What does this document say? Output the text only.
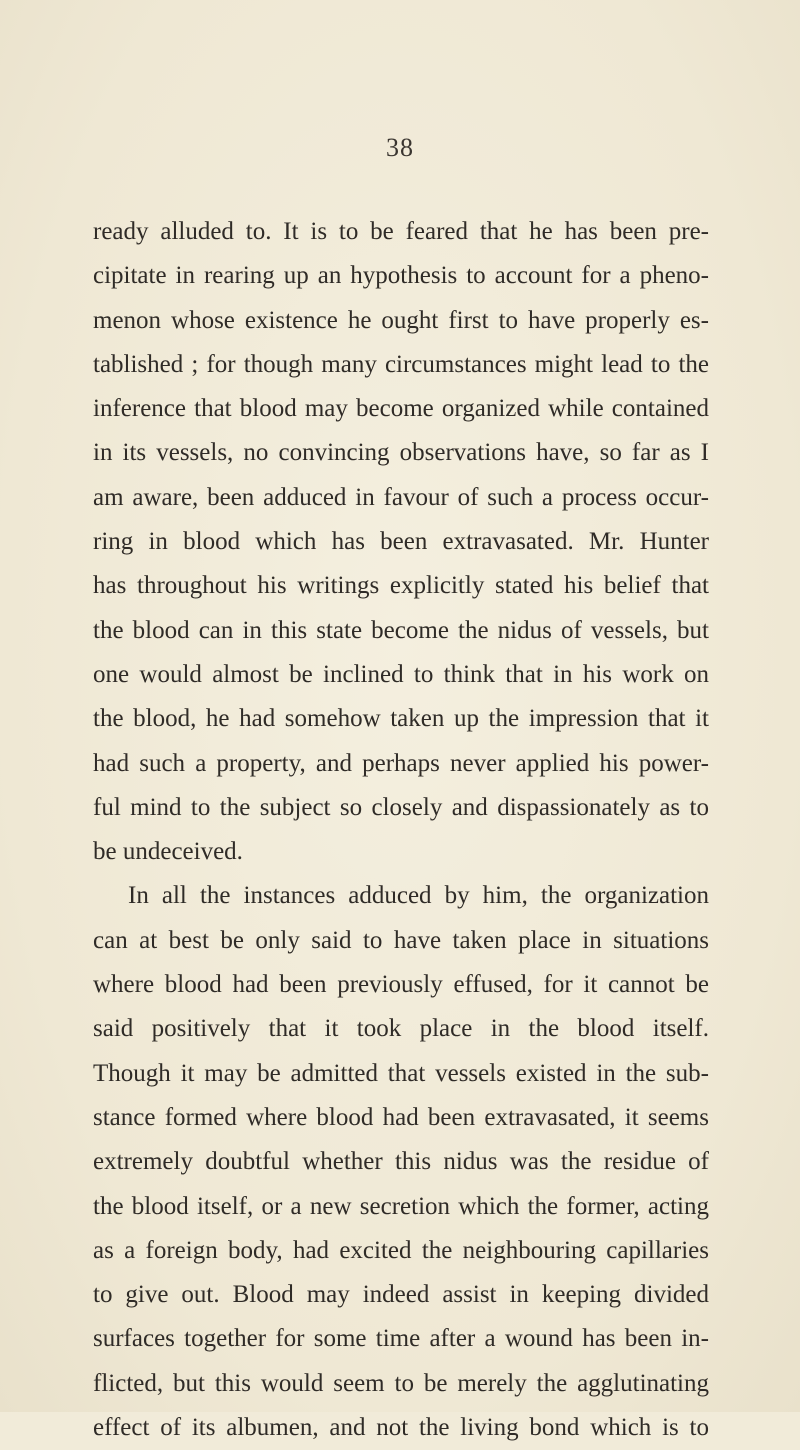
38
ready alluded to. It is to be feared that he has been pre-
cipitate in rearing up an hypothesis to account for a pheno-
menon whose existence he ought first to have properly es-
tablished ; for though many circumstances might lead to the
inference that blood may become organized while contained
in its vessels, no convincing observations have, so far as I
am aware, been adduced in favour of such a process occur-
ring in blood which has been extravasated. Mr. Hunter
has throughout his writings explicitly stated his belief that
the blood can in this state become the nidus of vessels, but
one would almost be inclined to think that in his work on
the blood, he had somehow taken up the impression that it
had such a property, and perhaps never applied his power-
ful mind to the subject so closely and dispassionately as to
be undeceived.
In all the instances adduced by him, the organization
can at best be only said to have taken place in situations
where blood had been previously effused, for it cannot be
said positively that it took place in the blood itself.
Though it may be admitted that vessels existed in the sub-
stance formed where blood had been extravasated, it seems
extremely doubtful whether this nidus was the residue of
the blood itself, or a new secretion which the former, acting
as a foreign body, had excited the neighbouring capillaries
to give out. Blood may indeed assist in keeping divided
surfaces together for some time after a wound has been in-
flicted, but this would seem to be merely the agglutinating
effect of its albumen, and not the living bond which is to
